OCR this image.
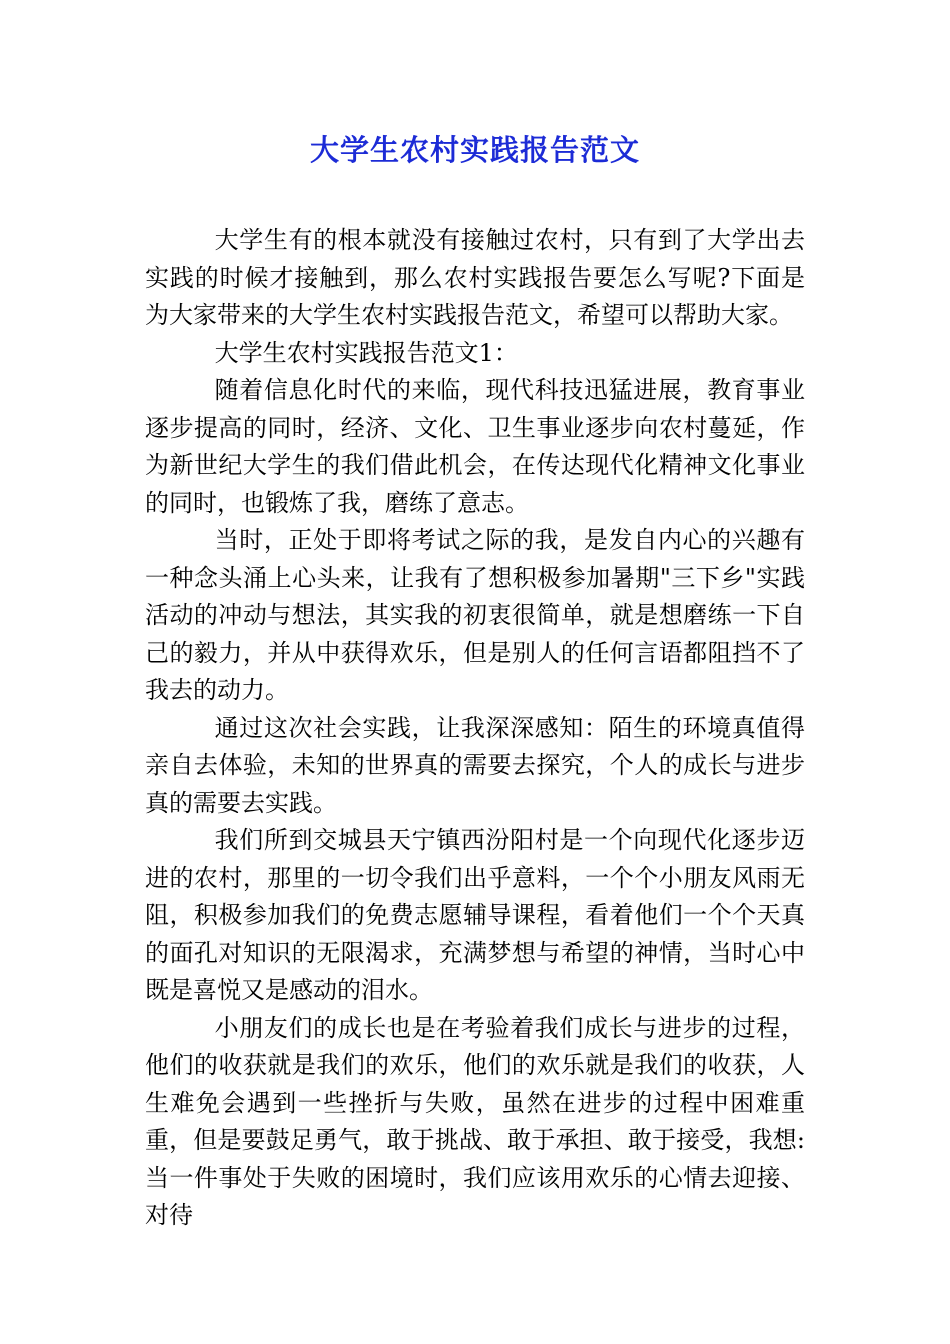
大学生农村实践报告范文

大学生有的根本就没有接触过农村，只有到了大学出去实践的时候才接触到，那么农村实践报告要怎么写呢?下面是为大家带来的大学生农村实践报告范文，希望可以帮助大家。

大学生农村实践报告范文1：

随着信息化时代的来临，现代科技迅猛进展，教育事业逐步提高的同时，经济、文化、卫生事业逐步向农村蔓延，作为新世纪大学生的我们借此机会，在传达现代化精神文化事业的同时，也锻炼了我，磨练了意志。

当时，正处于即将考试之际的我，是发自内心的兴趣有一种念头涌上心头来，让我有了想积极参加暑期"三下乡"实践活动的冲动与想法，其实我的初衷很简单，就是想磨练一下自己的毅力，并从中获得欢乐，但是别人的任何言语都阻挡不了我去的动力。

通过这次社会实践，让我深深感知：陌生的环境真值得亲自去体验，未知的世界真的需要去探究，个人的成长与进步真的需要去实践。

我们所到交城县天宁镇西汾阳村是一个向现代化逐步迈进的农村，那里的一切令我们出乎意料，一个个小朋友风雨无阻，积极参加我们的免费志愿辅导课程，看着他们一个个天真的面孔对知识的无限渴求，充满梦想与希望的神情，当时心中既是喜悦又是感动的泪水。

小朋友们的成长也是在考验着我们成长与进步的过程，他们的收获就是我们的欢乐，他们的欢乐就是我们的收获，人生难免会遇到一些挫折与失败，虽然在进步的过程中困难重重，但是要鼓足勇气，敢于挑战、敢于承担、敢于接受，我想:当一件事处于失败的困境时，我们应该用欢乐的心情去迎接、对待
